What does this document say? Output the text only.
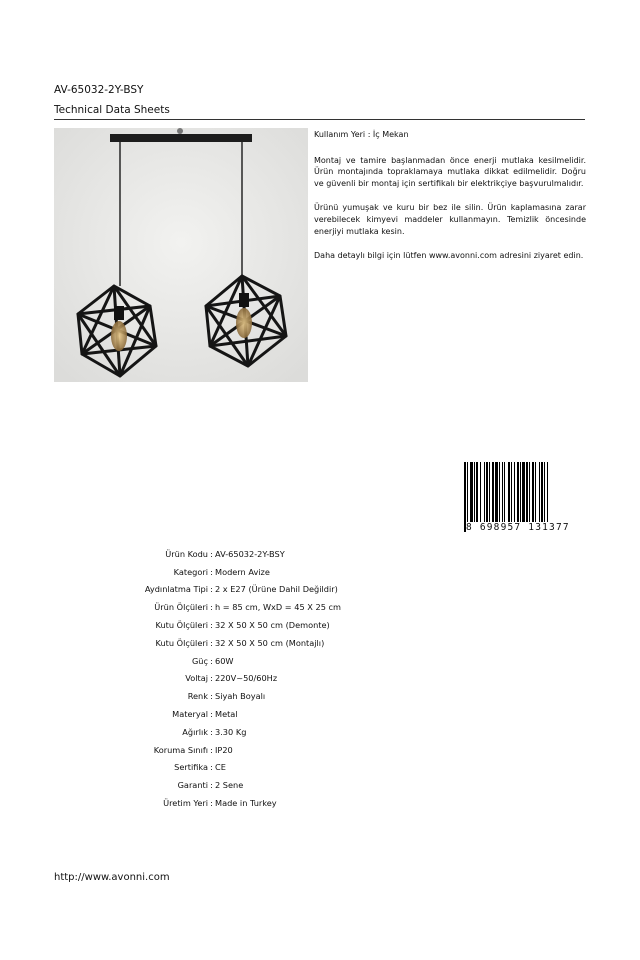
AV-65032-2Y-BSY
Technical Data Sheets

Kullanım Yeri : İç Mekan

Montaj ve tamire başlanmadan önce enerji mutlaka kesilmelidir. Ürün montajında topraklamaya mutlaka dikkat edilmelidir. Doğru ve güvenli bir montaj için sertifikalı bir elektrikçiye başvurulmalıdır.

Ürünü yumuşak ve kuru bir bez ile silin. Ürün kaplamasına zarar verebilecek kimyevi maddeler kullanmayın. Temizlik öncesinde enerjiyi mutlaka kesin.

Daha detaylı bilgi için lütfen www.avonni.com adresini ziyaret edin.

8 698957 131377
Ürün Kodu : AV-65032-2Y-BSY
Kategori : Modern Avize
Aydınlatma Tipi : 2 x E27 (Ürüne Dahil Değildir)
Ürün Ölçüleri : h = 85 cm, WxD = 45 X 25 cm
Kutu Ölçüleri : 32 X 50 X 50 cm (Demonte)
Kutu Ölçüleri : 32 X 50 X 50 cm (Montajlı)
Güç : 60W
Voltaj : 220V~50/60Hz
Renk : Siyah Boyalı
Materyal : Metal
Ağırlık : 3.30 Kg
Koruma Sınıfı : IP20
Sertifika : CE
Garanti : 2 Sene
Üretim Yeri : Made in Turkey
http://www.avonni.com
